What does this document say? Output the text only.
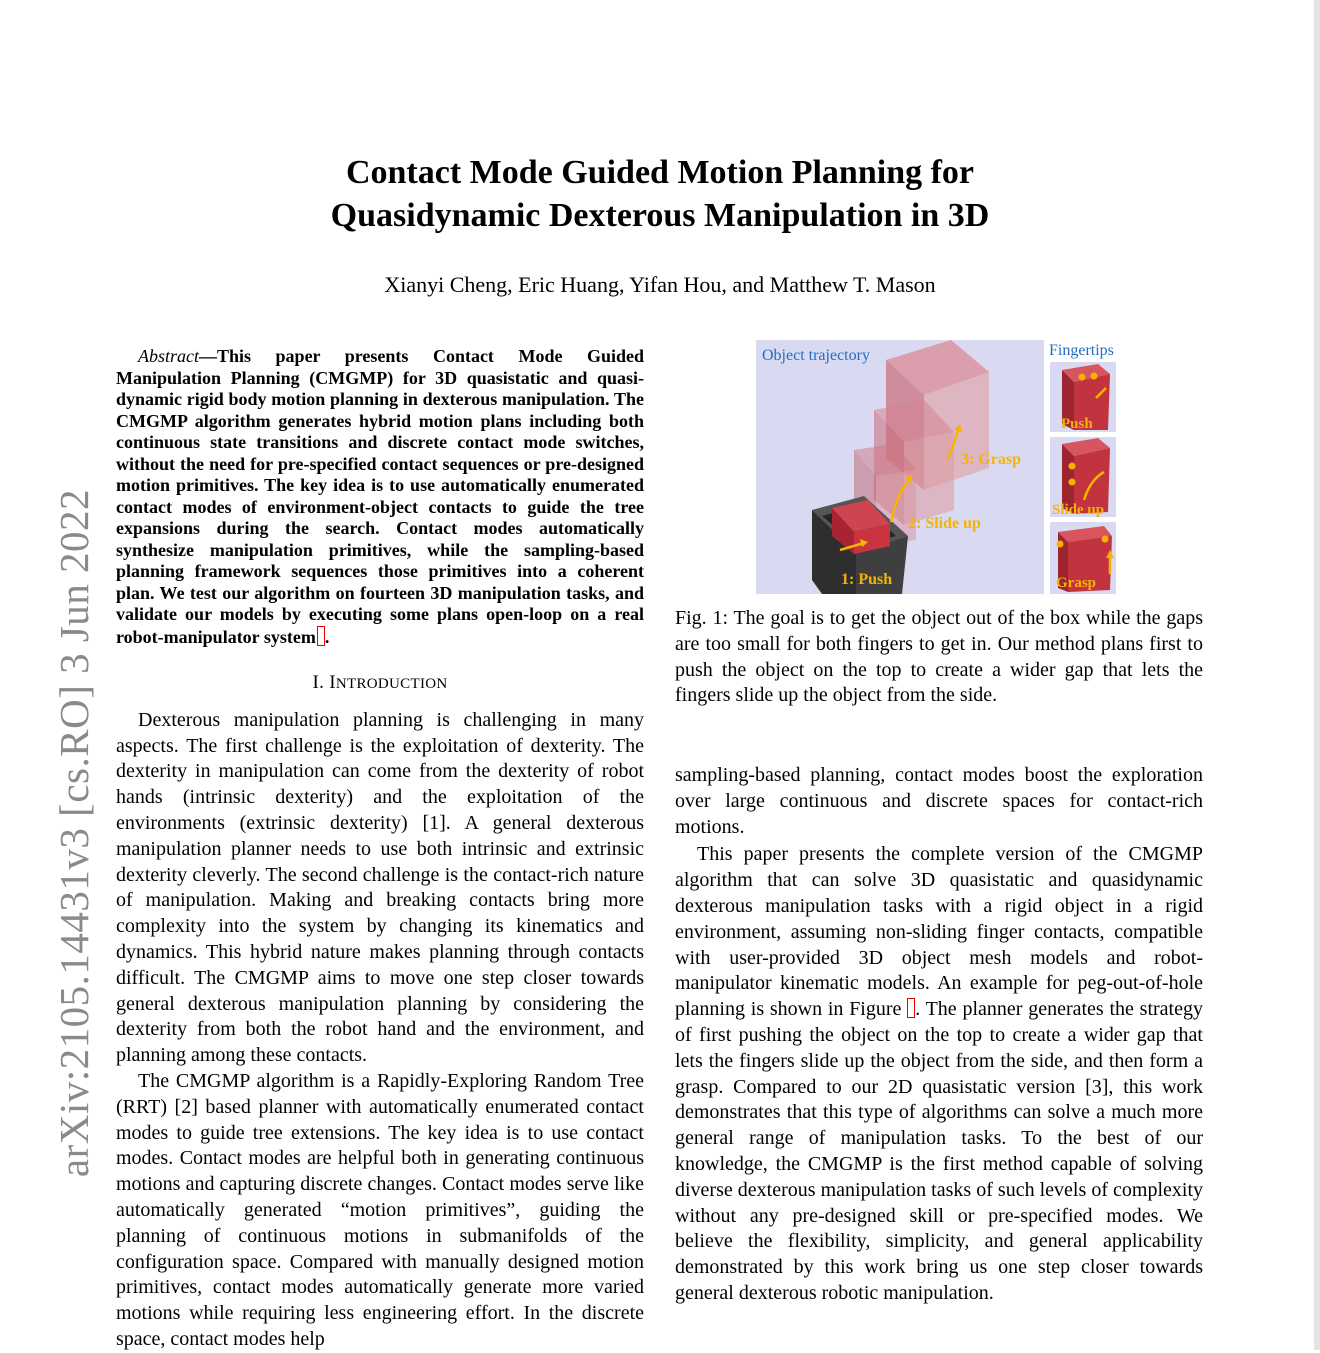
arXiv:2105.14431v3 [cs.RO] 3 Jun 2022
Contact Mode Guided Motion Planning for
Quasidynamic Dexterous Manipulation in 3D
Xianyi Cheng, Eric Huang, Yifan Hou, and Matthew T. Mason

Abstract—This paper presents Contact Mode Guided Manipulation Planning (CMGMP) for 3D quasistatic and quasi-dynamic rigid body motion planning in dexterous manipulation. The CMGMP algorithm generates hybrid motion plans including both continuous state transitions and discrete contact mode switches, without the need for pre-specified contact sequences or pre-designed motion primitives. The key idea is to use automatically enumerated contact modes of environment-object contacts to guide the tree expansions during the search. Contact modes automatically synthesize manipulation primitives, while the sampling-based planning framework sequences those primitives into a coherent plan. We test our algorithm on fourteen 3D manipulation tasks, and validate our models by executing some plans open-loop on a real robot-manipulator system .

I. INTRODUCTION

Dexterous manipulation planning is challenging in many aspects. The first challenge is the exploitation of dexterity. The dexterity in manipulation can come from the dexterity of robot hands (intrinsic dexterity) and the exploitation of the environments (extrinsic dexterity) [1]. A general dexterous manipulation planner needs to use both intrinsic and extrinsic dexterity cleverly. The second challenge is the contact-rich nature of manipulation. Making and breaking contacts bring more complexity into the system by changing its kinematics and dynamics. This hybrid nature makes planning through contacts difficult. The CMGMP aims to move one step closer towards general dexterous manipulation planning by considering the dexterity from both the robot hand and the environment, and planning among these contacts.

The CMGMP algorithm is a Rapidly-Exploring Random Tree (RRT) [2] based planner with automatically enumerated contact modes to guide tree extensions. The key idea is to use contact modes. Contact modes are helpful both in generating continuous motions and capturing discrete changes. Contact modes serve like automatically generated “motion primitives”, guiding the planning of continuous motions in submanifolds of the configuration space. Compared with manually designed motion primitives, contact modes automatically generate more varied motions while requiring less engineering effort. In the discrete space, contact modes help

Object trajectory
1: Push
2: Slide up
3: Grasp
Fingertips
Push
Slide up
Grasp
Fig. 1: The goal is to get the object out of the box while the gaps are too small for both fingers to get in. Our method plans first to push the object on the top to create a wider gap that lets the fingers slide up the object from the side.

sampling-based planning, contact modes boost the exploration over large continuous and discrete spaces for contact-rich motions.

This paper presents the complete version of the CMGMP algorithm that can solve 3D quasistatic and quasidynamic dexterous manipulation tasks with a rigid object in a rigid environment, assuming non-sliding finger contacts, compatible with user-provided 3D object mesh models and robot-manipulator kinematic models. An example for peg-out-of-hole planning is shown in Figure . The planner generates the strategy of first pushing the object on the top to create a wider gap that lets the fingers slide up the object from the side, and then form a grasp. Compared to our 2D quasistatic version [3], this work demonstrates that this type of algorithms can solve a much more general range of manipulation tasks. To the best of our knowledge, the CMGMP is the first method capable of solving diverse dexterous manipulation tasks of such levels of complexity without any pre-designed skill or pre-specified modes. We believe the flexibility, simplicity, and general applicability demonstrated by this work bring us one step closer towards general dexterous robotic manipulation.
